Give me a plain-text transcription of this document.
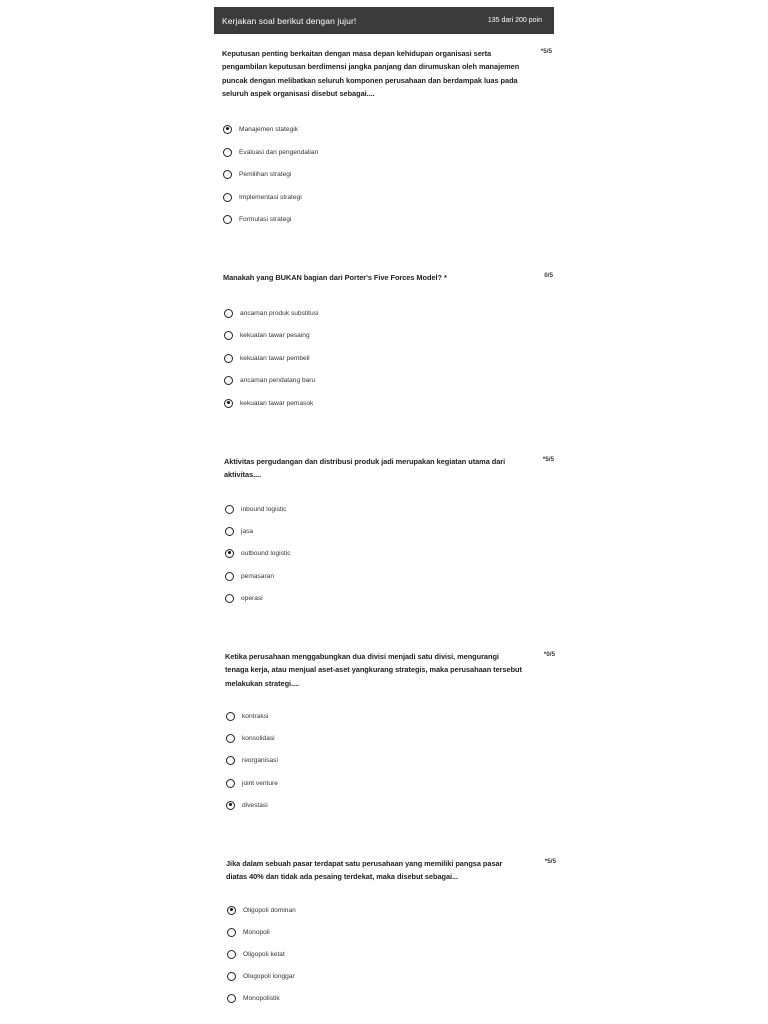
Kerjakan soal berikut dengan jujur!	135 dari 200 poin
Keputusan penting berkaitan dengan masa depan kehidupan organisasi serta pengambilan keputusan berdimensi jangka panjang dan dirumuskan oleh manajemen puncak dengan melibatkan seluruh komponen perusahaan dan berdampak luas pada seluruh aspek organisasi disebut sebagai....
*5/5
Manajemen stategik
Evaluasi dan pengendalian
Pemilihan strategi
Implementasi strategi
Formulasi strategi
Manakah yang BUKAN bagian dari Porter's Five Forces Model? *	0/5
ancaman produk substitusi
kekuatan tawar pesaing
kekuatan tawar pembeli
ancaman pendatang baru
kekuatan tawar pemasok
Aktivitas pergudangan dan distribusi produk jadi merupakan kegiatan utama dari aktivitas....
*5/5
inbound logistic
jasa
outbound logistic
pemasaran
operasi
Ketika perusahaan menggabungkan dua divisi menjadi satu divisi, mengurangi tenaga kerja, atau menjual aset-aset yangkurang strategis, maka perusahaan tersebut melakukan strategi....
*0/5
kontraksi
konsolidasi
reorganisasi
joint venture
divestasi
Jika dalam sebuah pasar terdapat satu perusahaan yang memiliki pangsa pasar diatas 40% dan tidak ada pesaing terdekat, maka disebut sebagai...
*5/5
Oligopoli dominan
Monopoli
Oligopoli ketat
Ologopoli longgar
Monopolistik
